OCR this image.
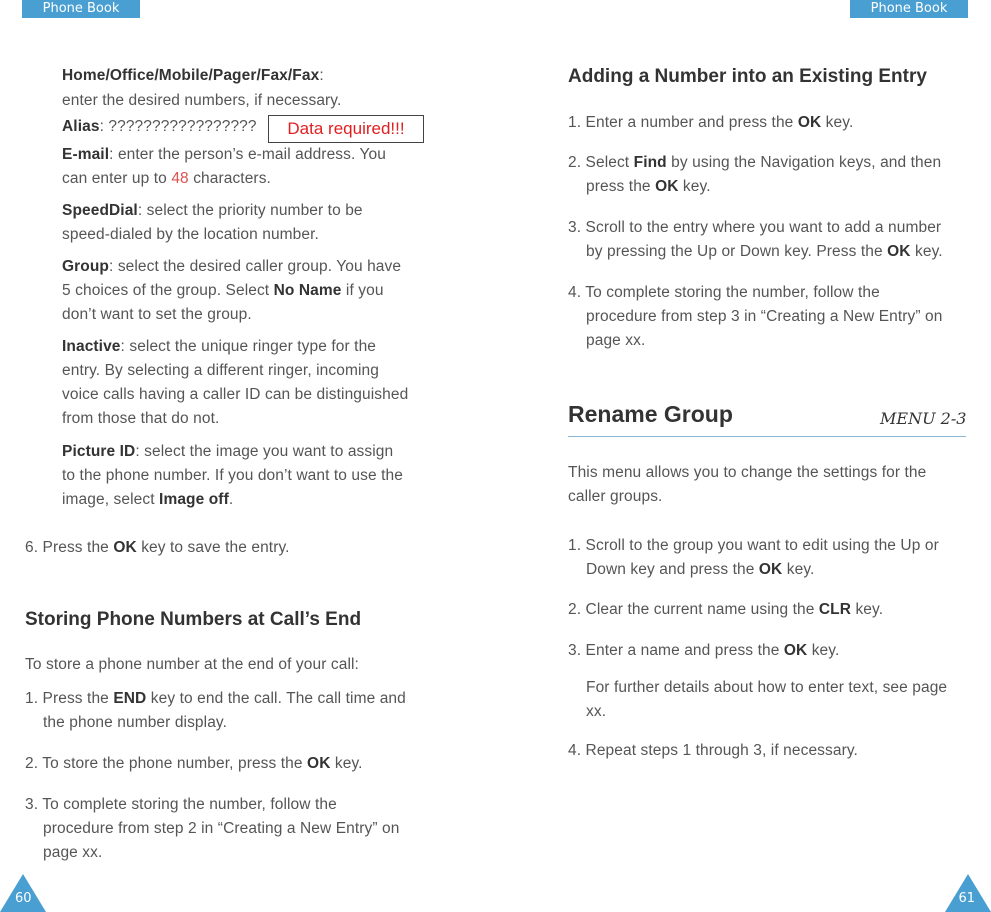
Phone Book	Phone Book
Home/Office/Mobile/Pager/Fax/Fax:
enter the desired numbers, if necessary.
Alias: ?????????????????	Data required!!!
E-mail: enter the person’s e-mail address. You
can enter up to 48 characters.
SpeedDial: select the priority number to be
speed-dialed by the location number.
Group: select the desired caller group. You have
5 choices of the group. Select No Name if you
don’t want to set the group.
Inactive: select the unique ringer type for the
entry. By selecting a different ringer, incoming
voice calls having a caller ID can be distinguished
from those that do not.
Picture ID: select the image you want to assign
to the phone number. If you don’t want to use the
image, select Image off.
6. Press the OK key to save the entry.
Storing Phone Numbers at Call’s End
To store a phone number at the end of your call:
1. Press the END key to end the call. The call time and
the phone number display.
2. To store the phone number, press the OK key.
3. To complete storing the number, follow the
procedure from step 2 in “Creating a New Entry” on
page xx.
60
Adding a Number into an Existing Entry
1. Enter a number and press the OK key.
2. Select Find by using the Navigation keys, and then
press the OK key.
3. Scroll to the entry where you want to add a number
by pressing the Up or Down key. Press the OK key.
4. To complete storing the number, follow the
procedure from step 3 in “Creating a New Entry” on
page xx.
Rename Group	MENU 2-3
This menu allows you to change the settings for the
caller groups.
1. Scroll to the group you want to edit using the Up or
Down key and press the OK key.
2. Clear the current name using the CLR key.
3. Enter a name and press the OK key.
For further details about how to enter text, see page
xx.
4. Repeat steps 1 through 3, if necessary.
61
